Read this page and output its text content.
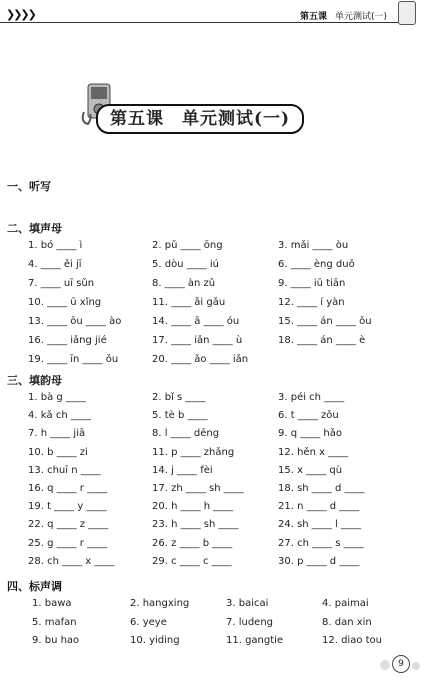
❯❯❯❯	第五课 单元测试(一)
第五课　单元测试(一)
一、听写
二、填声母
1. bó ____ ì	2. pǔ ____ ōng	3. mǎi ____ òu
4. ____ ěi jī	5. dòu ____ iú	6. ____ èng duō
7. ____ uī sǔn	8. ____ àn zǔ	9. ____ iū tiān
10. ____ ū xǐng	11. ____ ǎi gǎu	12. ____ í yàn
13. ____ ōu ____ ào	14. ____ ā ____ óu	15. ____ án ____ ǒu
16. ____ iǎng jié	17. ____ iǎn ____ ù	18. ____ án ____ è
19. ____ īn ____ ǒu	20. ____ ǎo ____ iǎn
三、填韵母
1. bà g ____	2. bǐ s ____	3. péi ch ____
4. kǎ ch ____	5. tè b ____	6. t ____ zǒu
7. h ____ jiā	8. l ____ dēng	9. q ____ hǎo
10. b ____ zi	11. p ____ zhǎng	12. hěn x ____
13. chuī n ____	14. j ____ fèi	15. x ____ qù
16. q ____ r ____	17. zh ____ sh ____	18. sh ____ d ____
19. t ____ y ____	20. h ____ h ____	21. n ____ d ____
22. q ____ z ____	23. h ____ sh ____	24. sh ____ l ____
25. g ____ r ____	26. z ____ b ____	27. ch ____ s ____
28. ch ____ x ____	29. c ____ c ____	30. p ____ d ____
四、标声调
1. bawa	2. hangxing	3. baicai	4. paimai
5. mafan	6. yeye	7. ludeng	8. dan xin
9. bu hao	10. yiding	11. gangtie	12. diao tou
9
